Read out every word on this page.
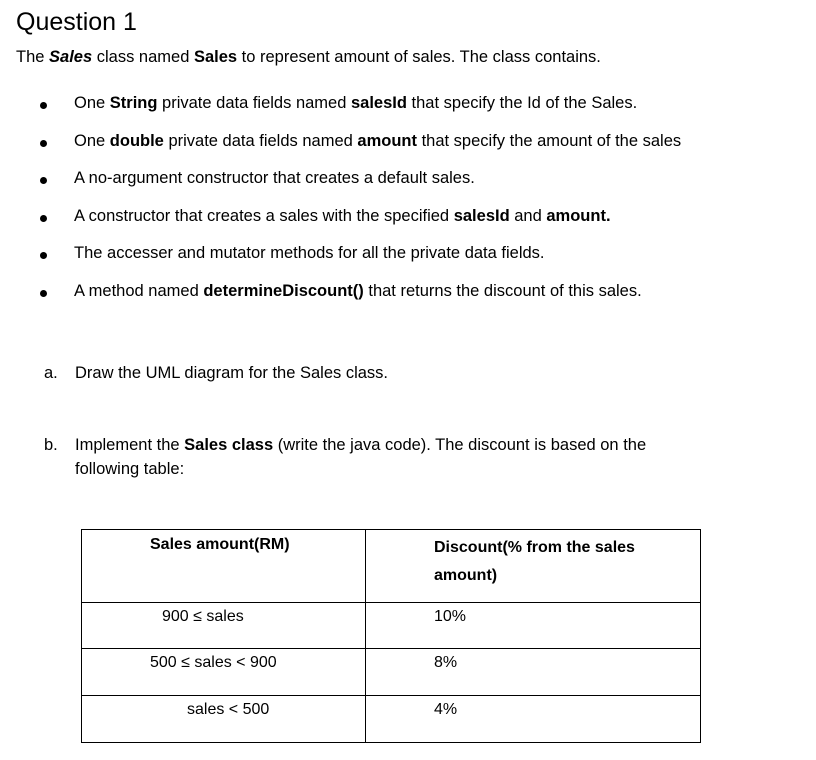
Question 1
The Sales class named Sales to represent amount of sales. The class contains.
One String private data fields named salesId that specify the Id of the Sales.
One double private data fields named amount that specify the amount of the sales
A no-argument constructor that creates a default sales.
A constructor that creates a sales with the specified salesId and amount.
The accesser and mutator methods for all the private data fields.
A method named determineDiscount() that returns the discount of this sales.
a. Draw the UML diagram for the Sales class.
b. Implement the Sales class (write the java code). The discount is based on the
following table:
Sales amount(RM)	Discount(% from the sales
amount)

900 ≤ sales	10%

500 ≤ sales < 900	8%

sales < 500	4%
